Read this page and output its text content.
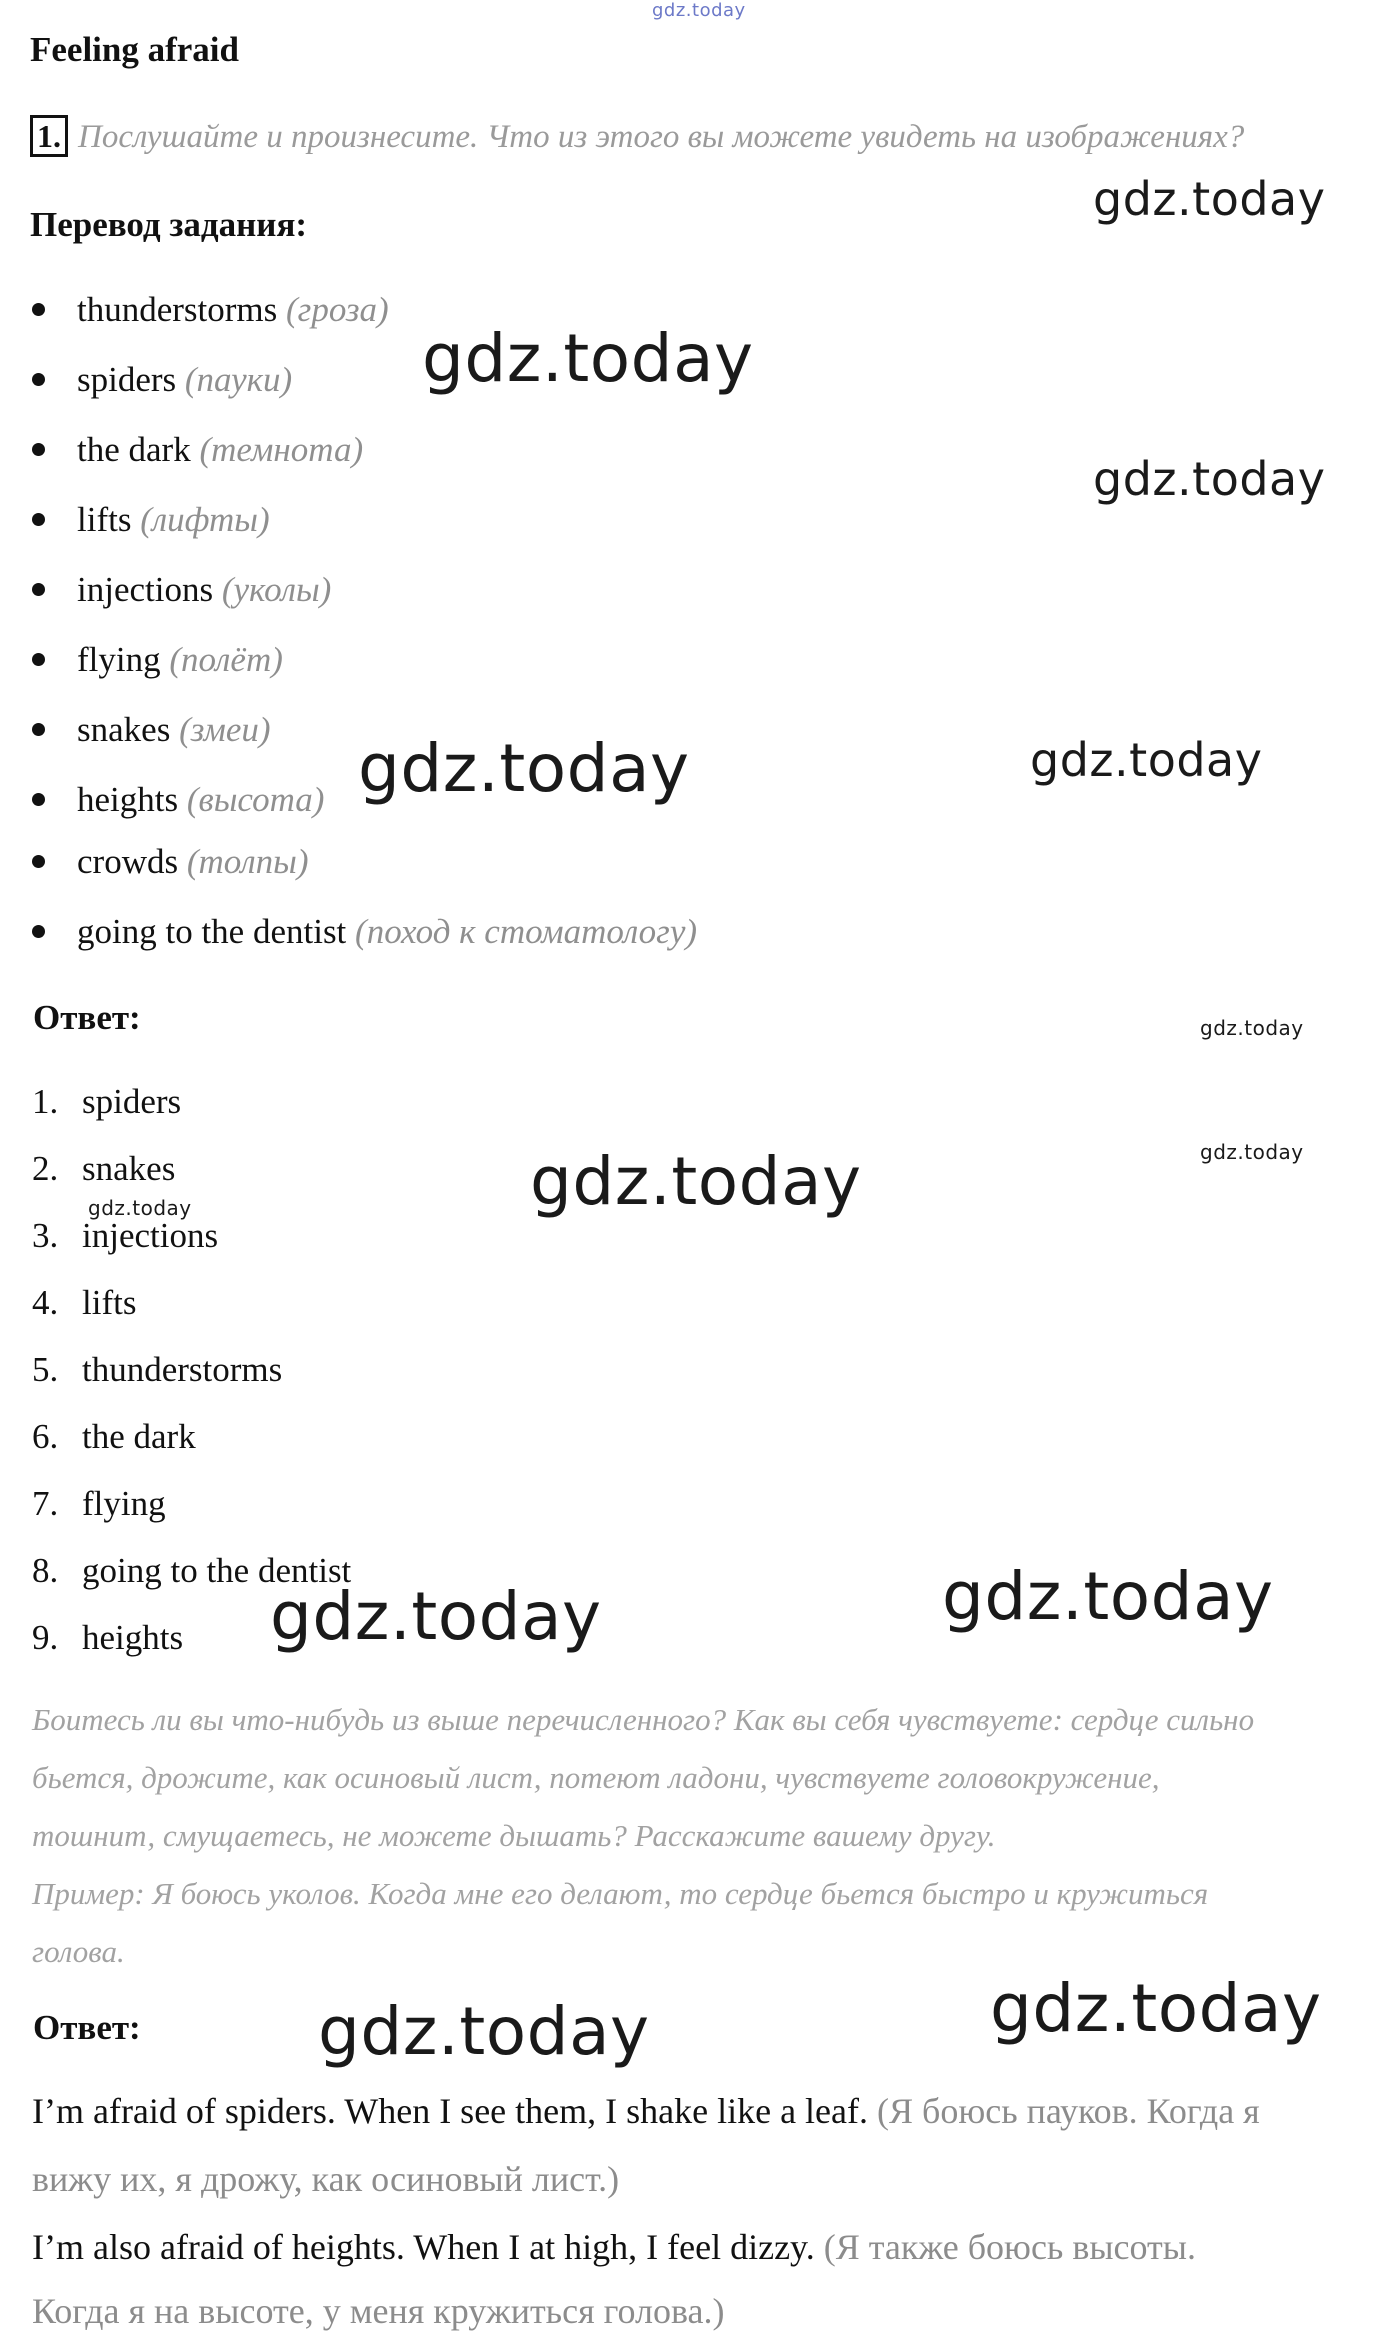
gdz.today
gdz.today
gdz.today
gdz.today
gdz.today
gdz.today
gdz.today
gdz.today
gdz.today
gdz.today
gdz.today
gdz.today
gdz.today
gdz.today
Feeling afraid
1. Послушайте и произнесите. Что из этого вы можете увидеть на изображениях?
Перевод задания:
thunderstorms (гроза)
spiders (пауки)
the dark (темнота)
lifts (лифты)
injections (уколы)
flying (полёт)
snakes (змеи)
heights (высота)
crowds (толпы)
going to the dentist (поход к стоматологу)
Ответ:
1. spiders
2. snakes
3. injections
4. lifts
5. thunderstorms
6. the dark
7. flying
8. going to the dentist
9. heights
Боитесь ли вы что-нибудь из выше перечисленного? Как вы себя чувствуете: сердце сильно
бьется, дрожите, как осиновый лист, потеют ладони, чувствуете головокружение,
тошнит, смущаетесь, не можете дышать? Расскажите вашему другу.
Пример: Я боюсь уколов. Когда мне его делают, то сердце бьется быстро и кружиться
голова.
Ответ:
I’m afraid of spiders. When I see them, I shake like a leaf. (Я боюсь пауков. Когда я
вижу их, я дрожу, как осиновый лист.)
I’m also afraid of heights. When I at high, I feel dizzy. (Я также боюсь высоты.
Когда я на высоте, у меня кружиться голова.)
